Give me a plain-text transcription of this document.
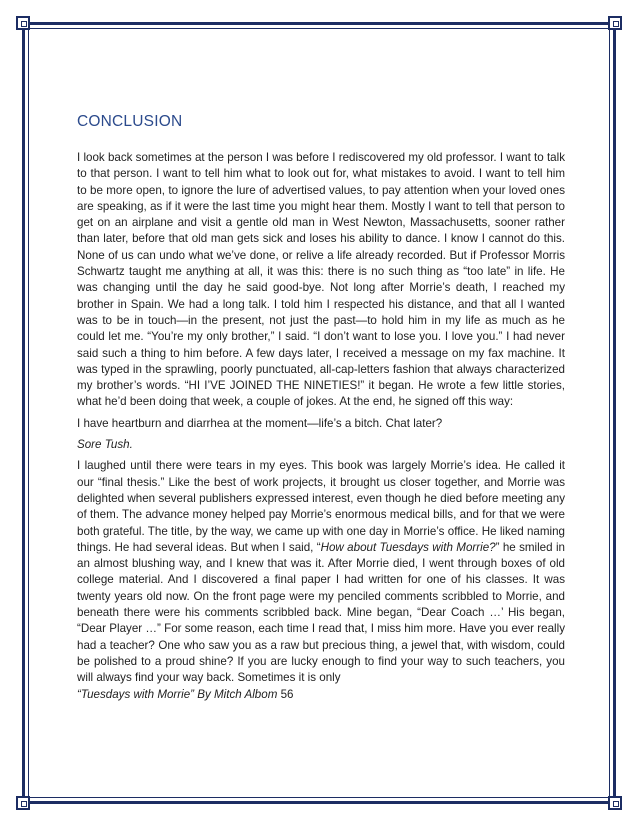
CONCLUSION

I look back sometimes at the person I was before I rediscovered my old professor. I want to talk to that person. I want to tell him what to look out for, what mistakes to avoid. I want to tell him to be more open, to ignore the lure of advertised values, to pay attention when your loved ones are speaking, as if it were the last time you might hear them. Mostly I want to tell that person to get on an airplane and visit a gentle old man in West Newton, Massachusetts, sooner rather than later, before that old man gets sick and loses his ability to dance. I know I cannot do this. None of us can undo what we’ve done, or relive a life already recorded. But if Professor Morris Schwartz taught me anything at all, it was this: there is no such thing as “too late” in life. He was changing until the day he said good-bye. Not long after Morrie’s death, I reached my brother in Spain. We had a long talk. I told him I respected his distance, and that all I wanted was to be in touch—in the present, not just the past—to hold him in my life as much as he could let me. “You’re my only brother,” I said. “I don’t want to lose you. I love you.” I had never said such a thing to him before. A few days later, I received a message on my fax machine. It was typed in the sprawling, poorly punctuated, all-cap-letters fashion that always characterized my brother’s words. “HI I’VE JOINED THE NINETIES!” it began. He wrote a few little stories, what he’d been doing that week, a couple of jokes. At the end, he signed off this way:

I have heartburn and diarrhea at the moment—life’s a bitch. Chat later?

Sore Tush.

I laughed until there were tears in my eyes. This book was largely Morrie’s idea. He called it our “final thesis.” Like the best of work projects, it brought us closer together, and Morrie was delighted when several publishers expressed interest, even though he died before meeting any of them. The advance money helped pay Morrie’s enormous medical bills, and for that we were both grateful. The title, by the way, we came up with one day in Morrie’s office. He liked naming things. He had several ideas. But when I said, “How about Tuesdays with Morrie?” he smiled in an almost blushing way, and I knew that was it. After Morrie died, I went through boxes of old college material. And I discovered a final paper I had written for one of his classes. It was twenty years old now. On the front page were my penciled comments scribbled to Morrie, and beneath there were his comments scribbled back. Mine began, “Dear Coach …’ His began, “Dear Player …” For some reason, each time I read that, I miss him more. Have you ever really had a teacher? One who saw you as a raw but precious thing, a jewel that, with wisdom, could be polished to a proud shine? If you are lucky enough to find your way to such teachers, you will always find your way back. Sometimes it is only
“Tuesdays with Morrie” By Mitch Albom 56
